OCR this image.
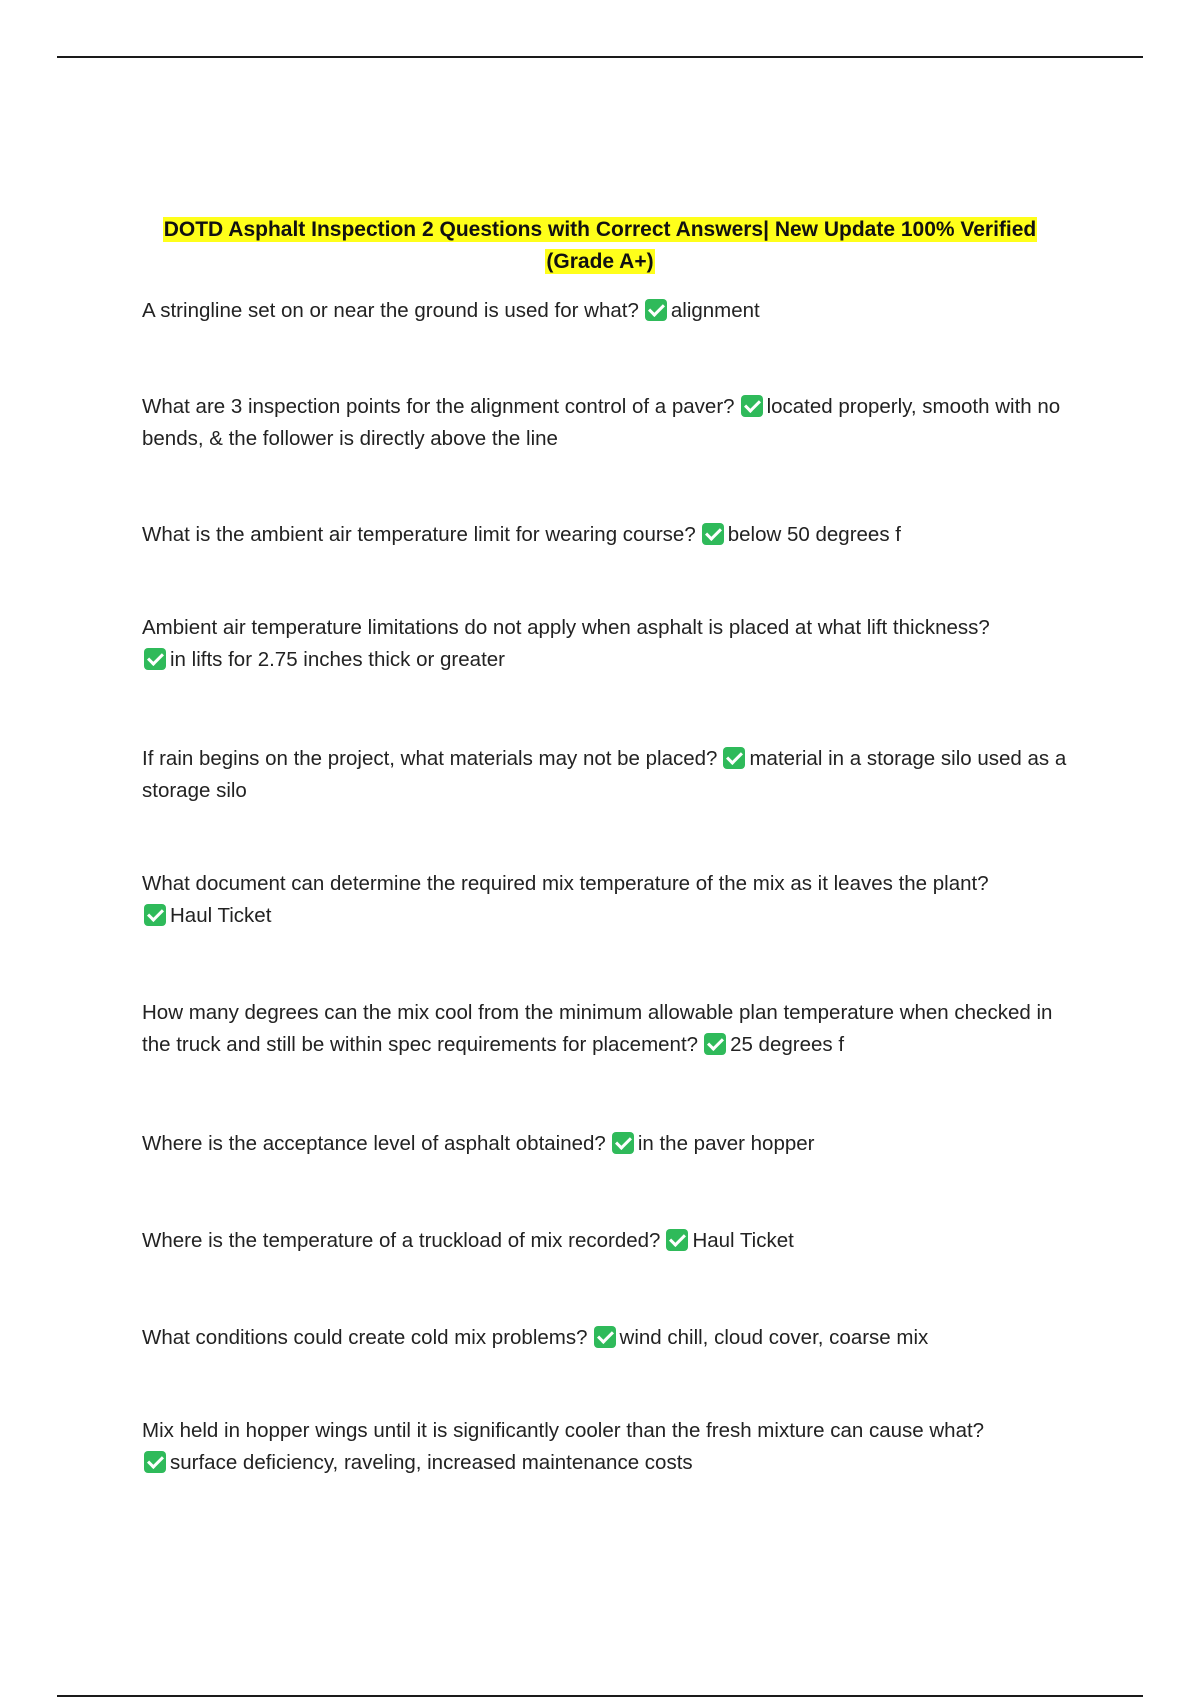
DOTD Asphalt Inspection 2 Questions with Correct Answers| New Update 100% Verified (Grade A+)
A stringline set on or near the ground is used for what? alignment
What are 3 inspection points for the alignment control of a paver? located properly, smooth with no bends, & the follower is directly above the line
What is the ambient air temperature limit for wearing course? below 50 degrees f
Ambient air temperature limitations do not apply when asphalt is placed at what lift thickness?
in lifts for 2.75 inches thick or greater
If rain begins on the project, what materials may not be placed? material in a storage silo used as a storage silo
What document can determine the required mix temperature of the mix as it leaves the plant?
Haul Ticket
How many degrees can the mix cool from the minimum allowable plan temperature when checked in the truck and still be within spec requirements for placement? 25 degrees f
Where is the acceptance level of asphalt obtained? in the paver hopper
Where is the temperature of a truckload of mix recorded? Haul Ticket
What conditions could create cold mix problems? wind chill, cloud cover, coarse mix
Mix held in hopper wings until it is significantly cooler than the fresh mixture can cause what?
surface deficiency, raveling, increased maintenance costs
